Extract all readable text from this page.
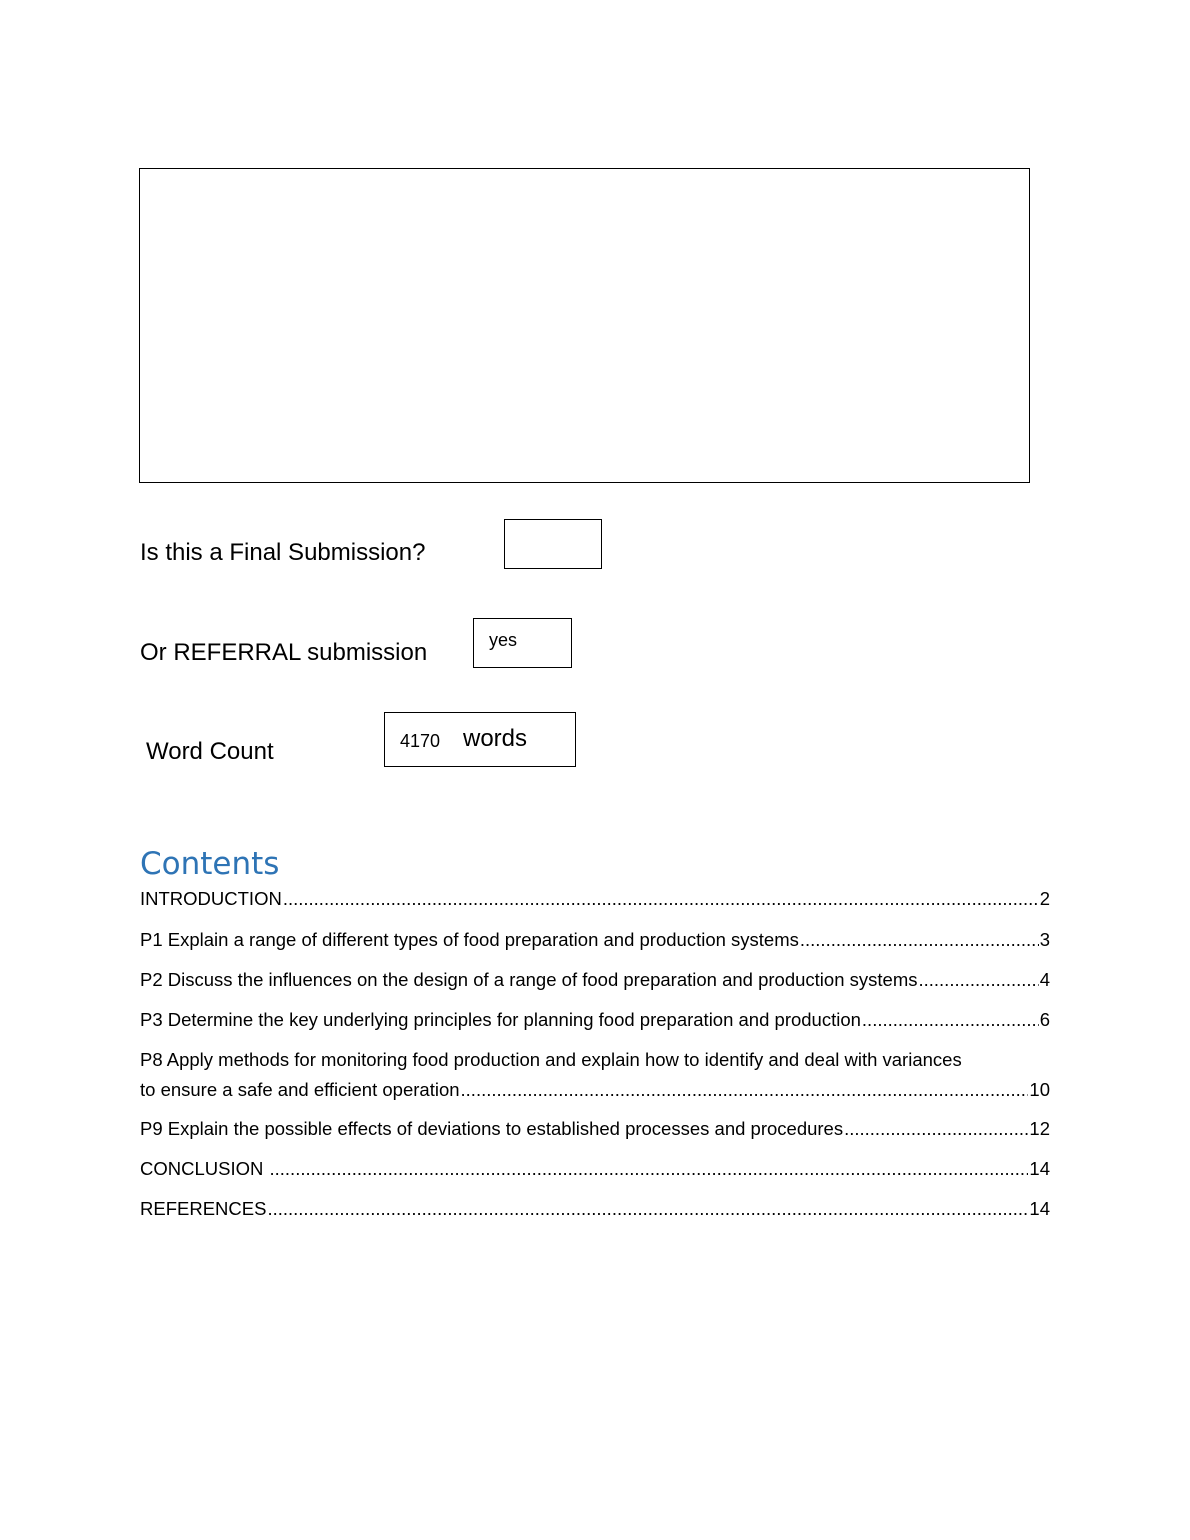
Is this a Final Submission?
Or REFERRAL submission	yes
Word Count	4170 words
Contents
INTRODUCTION .....	2
P1 Explain a range of different types of food preparation and production systems .....	3
P2 Discuss the influences on the design of a range of food preparation and production systems .....	4
P3 Determine the key underlying principles for planning food preparation and production .....	6
P8 Apply methods for monitoring food production and explain how to identify and deal with variances
to ensure a safe and efficient operation .....	10
P9 Explain the possible effects of deviations to established processes and procedures .....	12
CONCLUSION .....	14
REFERENCES .....	14
